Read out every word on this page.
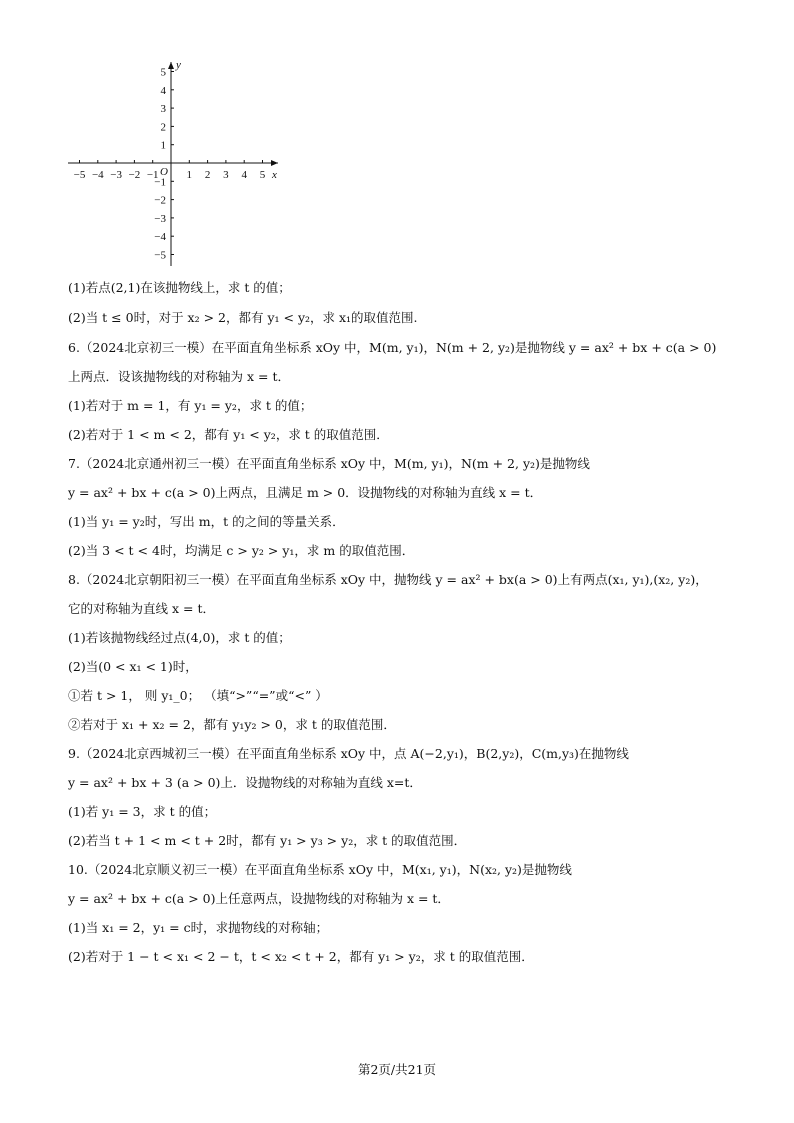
−5 −4 −3 −2 −1	1 2 3 4 5
5
4
3
2
1
−1
−2
−3
−4
−5
x
y
O
(1)若点(2,1)在该抛物线上，求 t 的值；
(2)当 t ≤ 0时，对于 x₂ > 2，都有 y₁ < y₂，求 x₁的取值范围.
6.（2024北京初三一模）在平面直角坐标系 xOy 中，M(m, y₁)，N(m + 2, y₂)是抛物线 y = ax² + bx + c(a > 0)
上两点．设该抛物线的对称轴为 x = t．
(1)若对于 m = 1，有 y₁ = y₂，求 t 的值；
(2)若对于 1 < m < 2，都有 y₁ < y₂，求 t 的取值范围．
7.（2024北京通州初三一模）在平面直角坐标系 xOy 中，M(m, y₁)，N(m + 2, y₂)是抛物线
y = ax² + bx + c(a > 0)上两点，且满足 m > 0．设抛物线的对称轴为直线 x = t．
(1)当 y₁ = y₂时，写出 m，t 的之间的等量关系．
(2)当 3 < t < 4时，均满足 c > y₂ > y₁，求 m 的取值范围．
8.（2024北京朝阳初三一模）在平面直角坐标系 xOy 中，抛物线 y = ax² + bx(a > 0)上有两点(x₁, y₁),(x₂, y₂)，
它的对称轴为直线 x = t．
(1)若该抛物线经过点(4,0)，求 t 的值；
(2)当(0 < x₁ < 1)时，
①若 t > 1， 则 y₁_0； （填“>”“=”或“<” ）
②若对于 x₁ + x₂ = 2，都有 y₁y₂ > 0，求 t 的取值范围．
9.（2024北京西城初三一模）在平面直角坐标系 xOy 中，点 A(−2,y₁)，B(2,y₂)，C(m,y₃)在抛物线
y = ax² + bx + 3 (a > 0)上．设抛物线的对称轴为直线 x=t．
(1)若 y₁ = 3，求 t 的值；
(2)若当 t + 1 < m < t + 2时，都有 y₁ > y₃ > y₂，求 t 的取值范围．
10.（2024北京顺义初三一模）在平面直角坐标系 xOy 中，M(x₁, y₁)，N(x₂, y₂)是抛物线
y = ax² + bx + c(a > 0)上任意两点，设抛物线的对称轴为 x = t．
(1)当 x₁ = 2，y₁ = c时，求抛物线的对称轴；
(2)若对于 1 − t < x₁ < 2 − t，t < x₂ < t + 2，都有 y₁ > y₂，求 t 的取值范围．
第2页/共21页
